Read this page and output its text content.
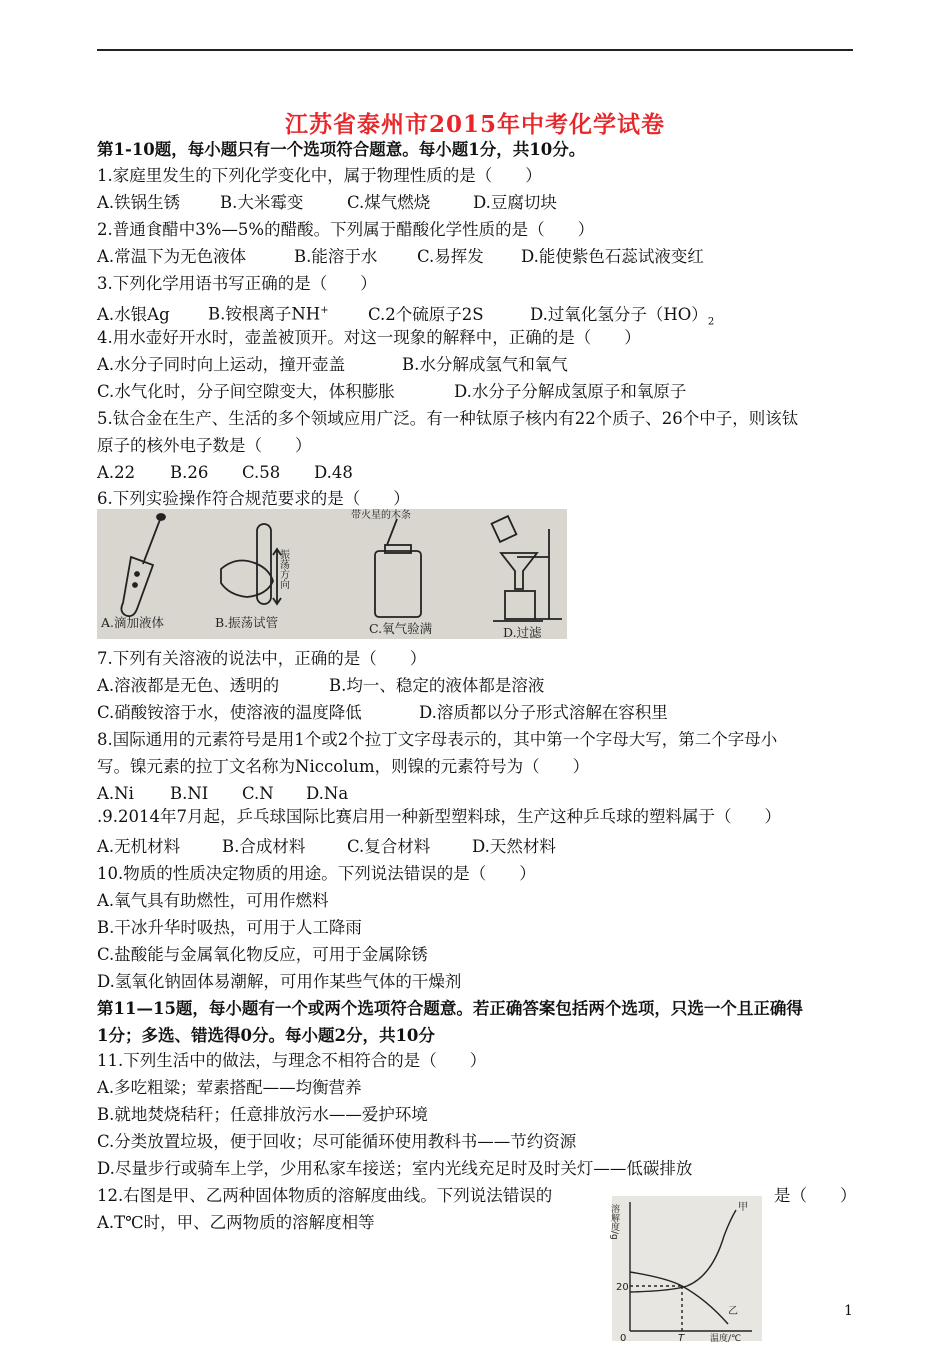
江苏省泰州市2015年中考化学试卷
第1-10题，每小题只有一个选项符合题意。每小题1分，共10分。
1.家庭里发生的下列化学变化中，属于物理性质的是（　　）
A.铁锅生锈 B.大米霉变	C.煤气燃烧	D.豆腐切块
2.普通食醋中3%—5%的醋酸。下列属于醋酸化学性质的是（　　）
A.常温下为无色液体	B.能溶于水 C.易挥发 D.能使紫色石蕊试液变红
3.下列化学用语书写正确的是（　　）
A.水银Ag B.铵根离子NH+ C.2个硫原子2S	D.过氧化氢分子$(HO)_2$
4.用水壶好开水时，壶盖被顶开。对这一现象的解释中，正确的是（　　）
A.水分子同时向上运动，撞开壶盖	B.水分解成氢气和氧气
C.水气化时，分子间空隙变大，体积膨胀	D.水分子分解成氢原子和氧原子
5.钛合金在生产、生活的多个领域应用广泛。有一种钛原子核内有22个质子、26个中子，则该钛
原子的核外电子数是（　　）
A.22 B.26 C.58 D.48
6.下列实验操作符合规范要求的是（　　）
振荡方向
带火星的木条
A.滴加液体	B.振荡试管	C.氧气验满	D.过滤
7.下列有关溶液的说法中，正确的是（　　）
A.溶液都是无色、透明的	B.均一、稳定的液体都是溶液
C.硝酸铵溶于水，使溶液的温度降低	D.溶质都以分子形式溶解在容积里
8.国际通用的元素符号是用1个或2个拉丁文字母表示的，其中第一个字母大写，第二个字母小
写。镍元素的拉丁文名称为Niccolum，则镍的元素符号为（　　）
A.Ni B.NI C.N D.Na
.9.2014年7月起，乒乓球国际比赛启用一种新型塑料球，生产这种乒乓球的塑料属于（　　）
A.无机材料	B.合成材料	C.复合材料	D.天然材料
10.物质的性质决定物质的用途。下列说法错误的是（　　）
A.氧气具有助燃性，可用作燃料
B.干冰升华时吸热，可用于人工降雨
C.盐酸能与金属氧化物反应，可用于金属除锈
D.氢氧化钠固体易潮解，可用作某些气体的干燥剂
第11—15题，每小题有一个或两个选项符合题意。若正确答案包括两个选项，只选一个且正确得
1分；多选、错选得0分。每小题2分，共10分
11.下列生活中的做法，与理念不相符合的是（　　）
A.多吃粗粱；荤素搭配——均衡营养
B.就地焚烧秸秆；任意排放污水——爱护环境
C.分类放置垃圾，便于回收；尽可能循环使用教科书——节约资源
D.尽量步行或骑车上学，少用私家车接送；室内光线充足时及时关灯——低碳排放
12.右图是甲、乙两种固体物质的溶解度曲线。下列说法错误的	是（　　）
A.T℃时，甲、乙两物质的溶解度相等	溶解度/g
20
0	T	温度/℃
甲
乙	1
